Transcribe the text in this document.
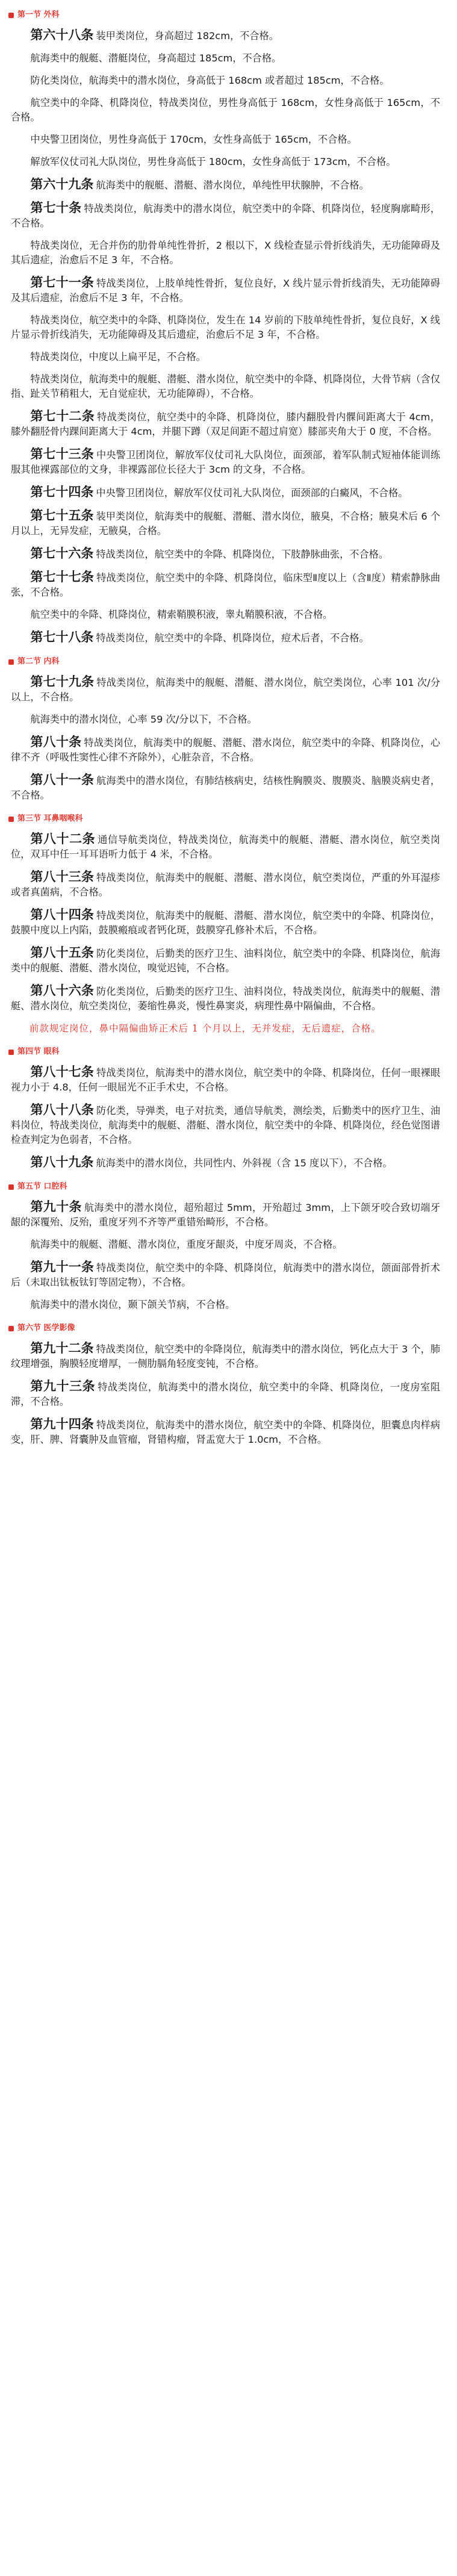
第一节 外科

第六十八条 装甲类岗位，身高超过 182cm，不合格。

航海类中的舰艇、潜艇岗位，身高超过 185cm，不合格。

防化类岗位，航海类中的潜水岗位，身高低于 168cm 或者超过 185cm，不合格。

航空类中的伞降、机降岗位，特战类岗位，男性身高低于 168cm，女性身高低于 165cm，不合格。

中央警卫团岗位，男性身高低于 170cm，女性身高低于 165cm，不合格。

解放军仪仗司礼大队岗位，男性身高低于 180cm，女性身高低于 173cm，不合格。

第六十九条 航海类中的舰艇、潜艇、潜水岗位，单纯性甲状腺肿，不合格。

第七十条 特战类岗位，航海类中的潜水岗位，航空类中的伞降、机降岗位，轻度胸廓畸形，不合格。

特战类岗位，无合并伤的肋骨单纯性骨折，2 根以下，X 线检查显示骨折线消失，无功能障碍及其后遗症，治愈后不足 3 年，不合格。

第七十一条 特战类岗位，上肢单纯性骨折，复位良好，X 线片显示骨折线消失，无功能障碍及其后遗症，治愈后不足 3 年，不合格。

特战类岗位，航空类中的伞降、机降岗位，发生在 14 岁前的下肢单纯性骨折，复位良好，X 线片显示骨折线消失，无功能障碍及其后遗症，治愈后不足 3 年，不合格。

特战类岗位，中度以上扁平足，不合格。

特战类岗位，航海类中的舰艇、潜艇、潜水岗位，航空类中的伞降、机降岗位，大骨节病（含仅指、趾关节稍粗大，无自觉症状，无功能障碍），不合格。

第七十二条 特战类岗位，航空类中的伞降、机降岗位，膝内翻股骨内髁间距离大于 4cm，膝外翻胫骨内踝间距离大于 4cm，并腿下蹲（双足间距不超过肩宽）膝部夹角大于 0 度，不合格。

第七十三条 中央警卫团岗位，解放军仪仗司礼大队岗位，面颈部，着军队制式短袖体能训练服其他裸露部位的文身，非裸露部位长径大于 3cm 的文身，不合格。

第七十四条 中央警卫团岗位，解放军仪仗司礼大队岗位，面颈部的白癜风，不合格。

第七十五条 装甲类岗位，航海类中的舰艇、潜艇、潜水岗位，腋臭，不合格；腋臭术后 6 个月以上，无异发症，无腋臭，合格。

第七十六条 特战类岗位，航空类中的伞降、机降岗位，下肢静脉曲张，不合格。

第七十七条 特战类岗位，航空类中的伞降、机降岗位，临床型Ⅱ度以上（含Ⅱ度）精索静脉曲张，不合格。

航空类中的伞降、机降岗位，精索鞘膜积液，睾丸鞘膜积液，不合格。

第七十八条 特战类岗位，航空类中的伞降、机降岗位，痘术后者，不合格。

第二节 内科

第七十九条 特战类岗位，航海类中的舰艇、潜艇、潜水岗位，航空类岗位，心率 101 次/分以上，不合格。

航海类中的潜水岗位，心率 59 次/分以下，不合格。

第八十条 特战类岗位，航海类中的舰艇、潜艇、潜水岗位，航空类中的伞降、机降岗位，心律不齐（呼吸性窦性心律不齐除外），心脏杂音，不合格。

第八十一条 航海类中的潜水岗位，有肺结核病史，结核性胸膜炎、腹膜炎、脑膜炎病史者，不合格。

第三节 耳鼻咽喉科

第八十二条 通信导航类岗位，特战类岗位，航海类中的舰艇、潜艇、潜水岗位，航空类岗位，双耳中任一耳耳语听力低于 4 米，不合格。

第八十三条 特战类岗位，航海类中的舰艇、潜艇、潜水岗位，航空类岗位，严重的外耳湿疹或者真菌病，不合格。

第八十四条 特战类岗位，航海类中的舰艇、潜艇、潜水岗位，航空类中的伞降、机降岗位，鼓膜中度以上内陷，鼓膜瘢痕或者钙化斑，鼓膜穿孔修补术后，不合格。

第八十五条 防化类岗位，后勤类的医疗卫生、油料岗位，航空类中的伞降、机降岗位，航海类中的舰艇、潜艇、潜水岗位，嗅觉迟钝，不合格。

第八十六条 防化类岗位，后勤类的医疗卫生、油料岗位，特战类岗位，航海类中的舰艇、潜艇、潜水岗位，航空类岗位，萎缩性鼻炎，慢性鼻窦炎，病理性鼻中隔偏曲，不合格。

前款规定岗位，鼻中隔偏曲矫正术后 1 个月以上，无并发症，无后遗症，合格。

第四节 眼科

第八十七条 特战类岗位，航海类中的潜水岗位，航空类中的伞降、机降岗位，任何一眼裸眼视力小于 4.8，任何一眼屈光不正手术史，不合格。

第八十八条 防化类，导弹类，电子对抗类，通信导航类，测绘类，后勤类中的医疗卫生、油料岗位，特战类岗位，航海类中的舰艇、潜艇、潜水岗位，航空类中的伞降、机降岗位，经色觉图谱检查判定为色弱者，不合格。

第八十九条 航海类中的潜水岗位，共同性内、外斜视（含 15 度以下），不合格。

第五节 口腔科

第九十条 航海类中的潜水岗位，超殆超过 5mm，开殆超过 3mm，上下颌牙咬合致切端牙龈的深覆殆、反殆，重度牙列不齐等严重错殆畸形，不合格。

航海类中的舰艇、潜艇、潜水岗位，重度牙龈炎，中度牙周炎，不合格。

第九十一条 特战类岗位，航空类中的伞降、机降岗位，航海类中的潜水岗位，颌面部骨折术后（未取出钛板钛钉等固定物），不合格。

航海类中的潜水岗位，颞下颌关节病，不合格。

第六节 医学影像

第九十二条 特战类岗位，航空类中的伞降岗位，航海类中的潜水岗位，钙化点大于 3 个，肺纹理增强，胸膜轻度增厚，一侧肋膈角轻度变钝，不合格。

第九十三条 特战类岗位，航海类中的潜水岗位，航空类中的伞降、机降岗位，一度房室阻滞，不合格。

第九十四条 特战类岗位，航海类中的潜水岗位，航空类中的伞降、机降岗位，胆囊息肉样病变，肝、脾、肾囊肿及血管瘤，肾错构瘤，肾盂宽大于 1.0cm，不合格。
